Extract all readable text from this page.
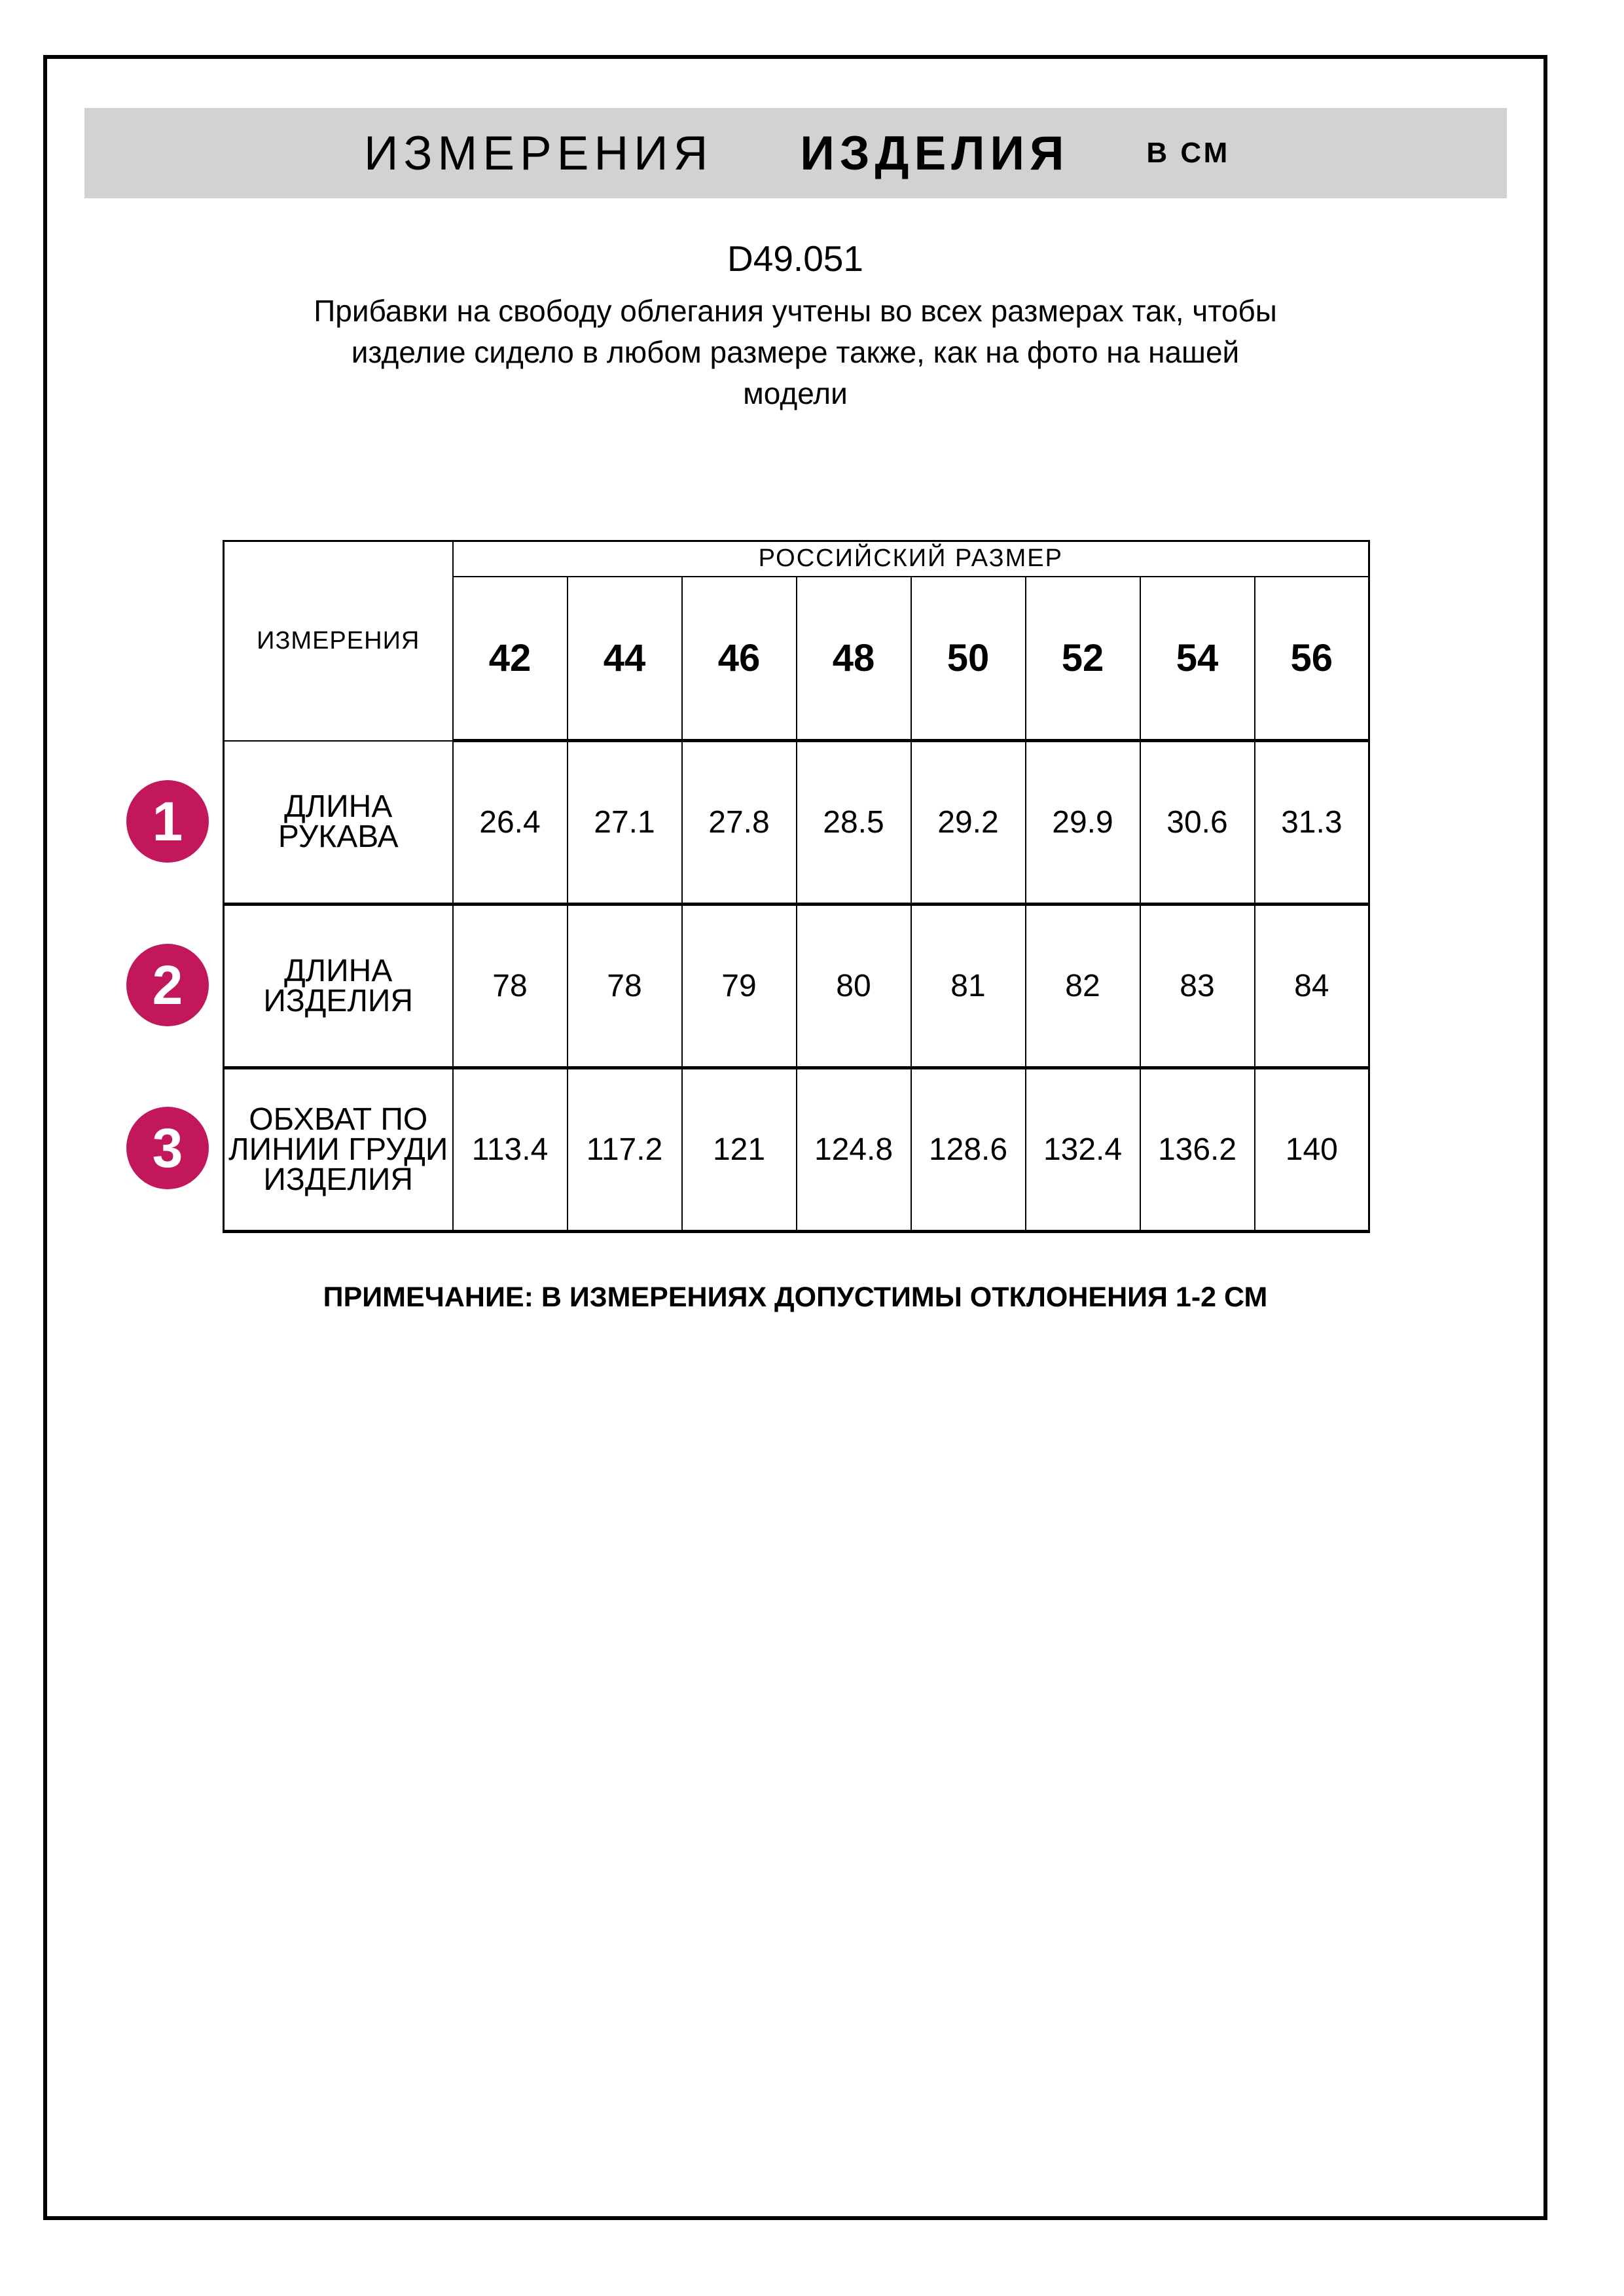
ИЗМЕРЕНИЯ ИЗДЕЛИЯ	В СМ
D49.051
Прибавки на свободу облегания учтены во всех размерах так, чтобы
изделие сидело в любом размере также, как на фото на нашей
модели
ИЗМЕРЕНИЯ	РОССИЙСКИЙ РАЗМЕР							
	42	44	46	48	50	52	54	56

ДЛИНА РУКАВА	26.4	27.1	27.8	28.5	29.2	29.9	30.6	31.3

ДЛИНА
ИЗДЕЛИЯ	78	78	79	80	81	82	83	84

ОБХВАТ ПО
ЛИНИИ ГРУДИ
ИЗДЕЛИЯ	113.4	117.2	121	124.8	128.6	132.4	136.2	140
1
2
3
ПРИМЕЧАНИЕ: В ИЗМЕРЕНИЯХ ДОПУСТИМЫ ОТКЛОНЕНИЯ 1-2 СМ
